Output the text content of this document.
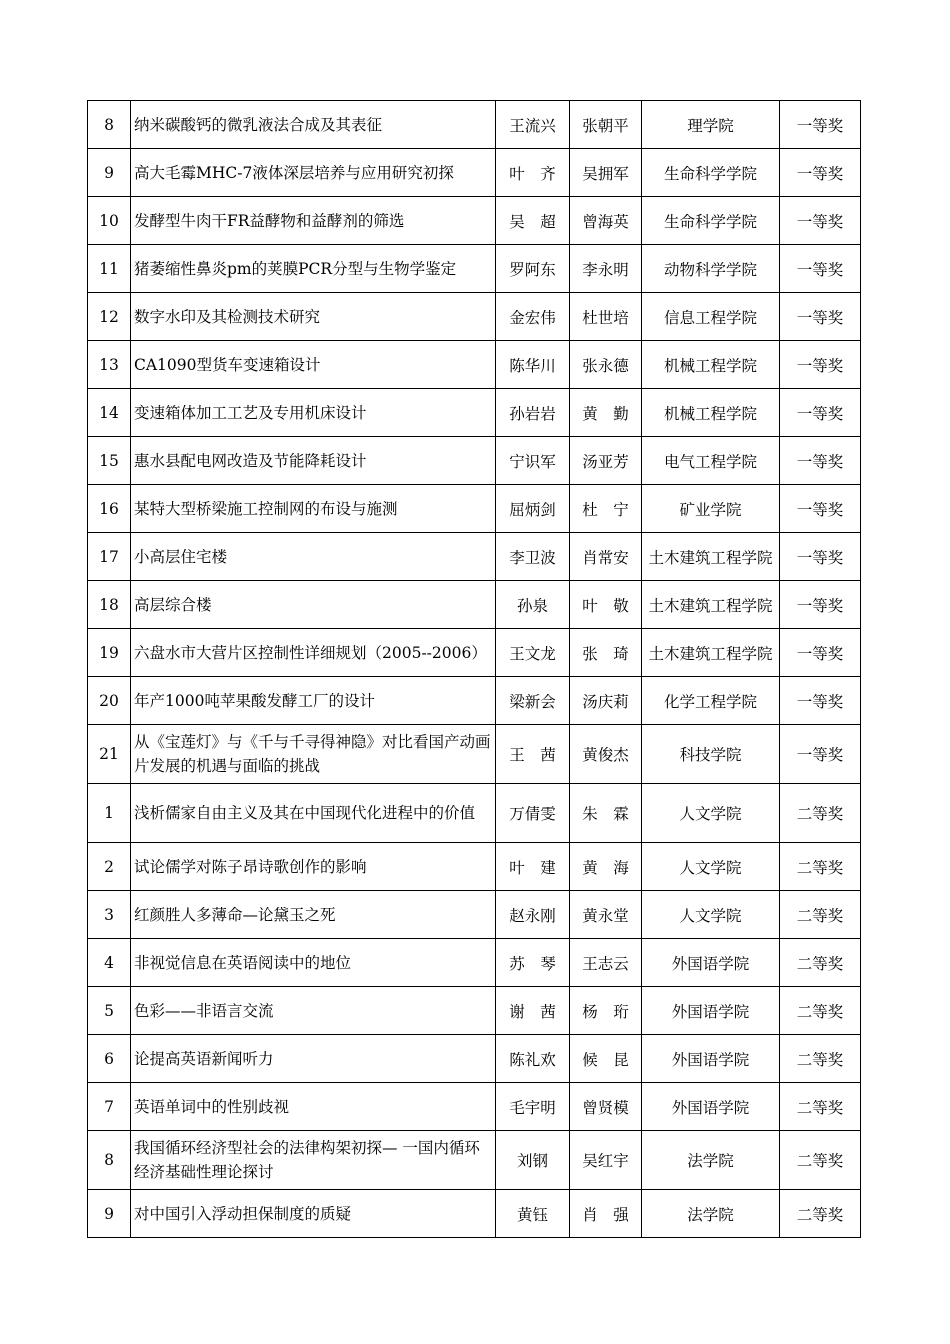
8	纳米碳酸钙的微乳液法合成及其表征	王流兴	张朝平	理学院	一等奖
9	高大毛霉MHC-7液体深层培养与应用研究初探	叶　齐	吴拥军	生命科学学院	一等奖
10	发酵型牛肉干FR益酵物和益酵剂的筛选	吴　超	曾海英	生命科学学院	一等奖
11	猪萎缩性鼻炎pm的荚膜PCR分型与生物学鉴定	罗阿东	李永明	动物科学学院	一等奖
12	数字水印及其检测技术研究	金宏伟	杜世培	信息工程学院	一等奖
13	CA1090型货车变速箱设计	陈华川	张永德	机械工程学院	一等奖
14	变速箱体加工工艺及专用机床设计	孙岩岩	黄　勤	机械工程学院	一等奖
15	惠水县配电网改造及节能降耗设计	宁识军	汤亚芳	电气工程学院	一等奖
16	某特大型桥梁施工控制网的布设与施测	屈炳剑	杜　宁	矿业学院	一等奖
17	小高层住宅楼	李卫波	肖常安	土木建筑工程学院	一等奖
18	高层综合楼	孙泉	叶　敬	土木建筑工程学院	一等奖
19	六盘水市大营片区控制性详细规划（2005--2006）	王文龙	张　琦	土木建筑工程学院	一等奖
20	年产1000吨苹果酸发酵工厂的设计	梁新会	汤庆莉	化学工程学院	一等奖
21	从《宝莲灯》与《千与千寻得神隐》对比看国产动画片发展的机遇与面临的挑战	王　茜	黄俊杰	科技学院	一等奖
1	浅析儒家自由主义及其在中国现代化进程中的价值	万倩雯	朱　霖	人文学院	二等奖
2	试论儒学对陈子昂诗歌创作的影响	叶　建	黄　海	人文学院	二等奖
3	红颜胜人多薄命—论黛玉之死	赵永刚	黄永堂	人文学院	二等奖
4	非视觉信息在英语阅读中的地位	苏　琴	王志云	外国语学院	二等奖
5	色彩——非语言交流	谢　茜	杨　珩	外国语学院	二等奖
6	论提高英语新闻听力	陈礼欢	候　昆	外国语学院	二等奖
7	英语单词中的性别歧视	毛宇明	曾贤模	外国语学院	二等奖
8	我国循环经济型社会的法律构架初探— 一国内循环经济基础性理论探讨	刘钢	吴红宇	法学院	二等奖
9	对中国引入浮动担保制度的质疑	黄钰	肖　强	法学院	二等奖
